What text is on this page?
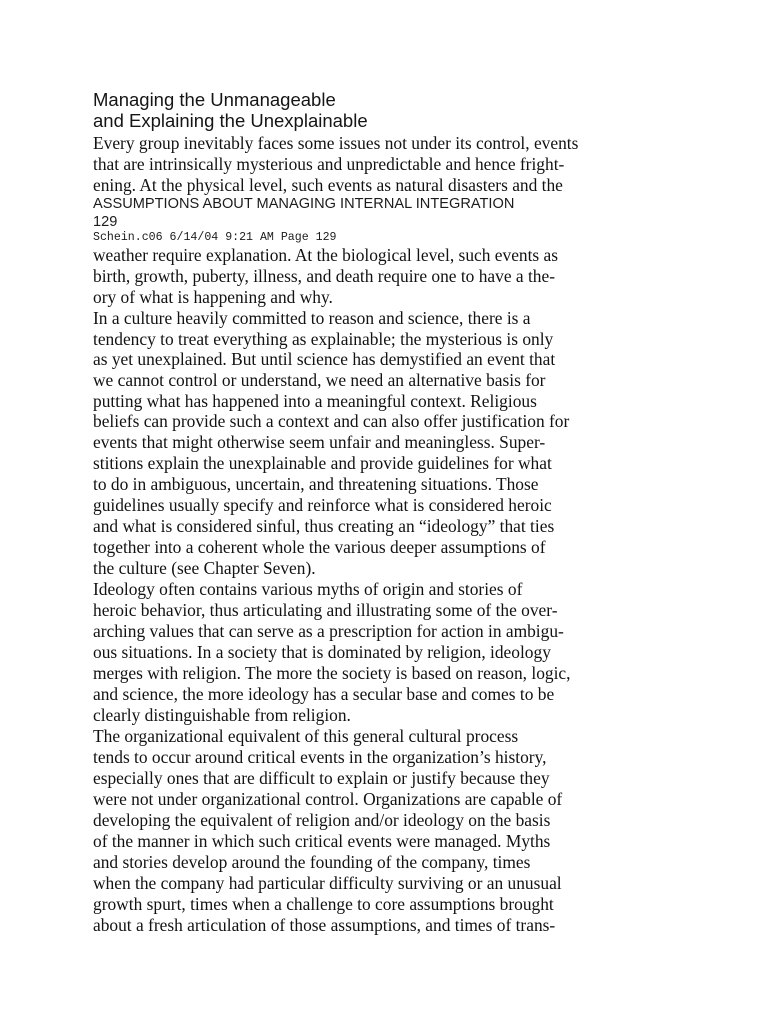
Managing the Unmanageable
and Explaining the Unexplainable
Every group inevitably faces some issues not under its control, events
that are intrinsically mysterious and unpredictable and hence fright-
ening. At the physical level, such events as natural disasters and the
ASSUMPTIONS ABOUT MANAGING INTERNAL INTEGRATION
129
Schein.c06 6/14/04 9:21 AM Page 129
weather require explanation. At the biological level, such events as
birth, growth, puberty, illness, and death require one to have a the-
ory of what is happening and why.
In a culture heavily committed to reason and science, there is a
tendency to treat everything as explainable; the mysterious is only
as yet unexplained. But until science has demystified an event that
we cannot control or understand, we need an alternative basis for
putting what has happened into a meaningful context. Religious
beliefs can provide such a context and can also offer justification for
events that might otherwise seem unfair and meaningless. Super-
stitions explain the unexplainable and provide guidelines for what
to do in ambiguous, uncertain, and threatening situations. Those
guidelines usually specify and reinforce what is considered heroic
and what is considered sinful, thus creating an “ideology” that ties
together into a coherent whole the various deeper assumptions of
the culture (see Chapter Seven).
Ideology often contains various myths of origin and stories of
heroic behavior, thus articulating and illustrating some of the over-
arching values that can serve as a prescription for action in ambigu-
ous situations. In a society that is dominated by religion, ideology
merges with religion. The more the society is based on reason, logic,
and science, the more ideology has a secular base and comes to be
clearly distinguishable from religion.
The organizational equivalent of this general cultural process
tends to occur around critical events in the organization’s history,
especially ones that are difficult to explain or justify because they
were not under organizational control. Organizations are capable of
developing the equivalent of religion and/or ideology on the basis
of the manner in which such critical events were managed. Myths
and stories develop around the founding of the company, times
when the company had particular difficulty surviving or an unusual
growth spurt, times when a challenge to core assumptions brought
about a fresh articulation of those assumptions, and times of trans-
